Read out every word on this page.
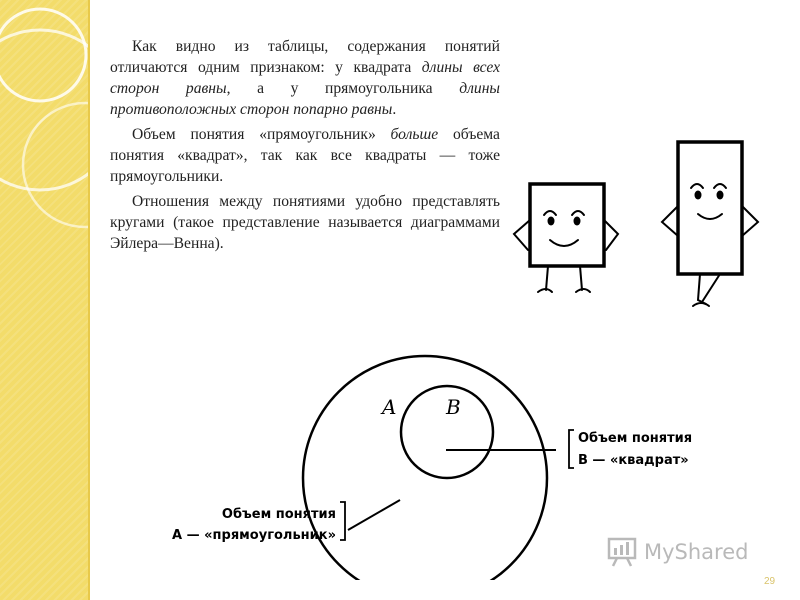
Как видно из таблицы, содержания понятий отличаются одним признаком: у квадрата длины всех сторон равны, а у прямоугольника длины противоположных сторон попарно равны.

Объем понятия «прямоугольник» больше объема понятия «квадрат», так как все квадраты — тоже прямоугольники.

Отношения между понятиями удобно представлять кругами (такое представление называется диаграммами Эйлера—Венна).

A B
Объем понятия
B — «квадрат»
Объем понятия
A — «прямоугольник»
MyShared
29
